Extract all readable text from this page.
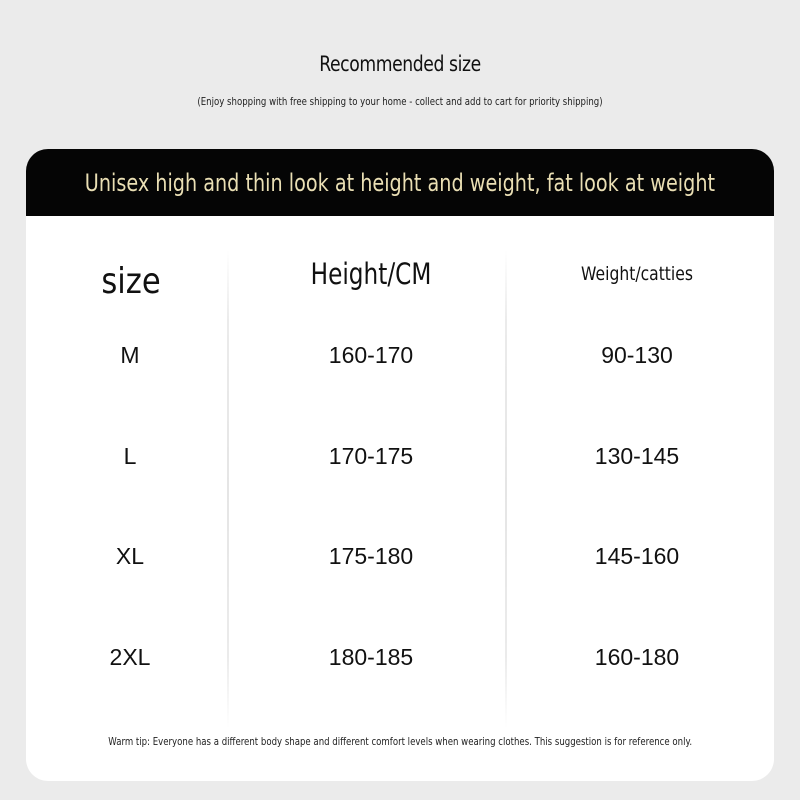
Recommended size
(Enjoy shopping with free shipping to your home - collect and add to cart for priority shipping)
Unisex high and thin look at height and weight, fat look at weight
size	Height/CM	Weight/catties
M	160-170	90-130
L	170-175	130-145
XL	175-180	145-160
2XL	180-185	160-180
Warm tip: Everyone has a different body shape and different comfort levels when wearing clothes. This suggestion is for reference only.
